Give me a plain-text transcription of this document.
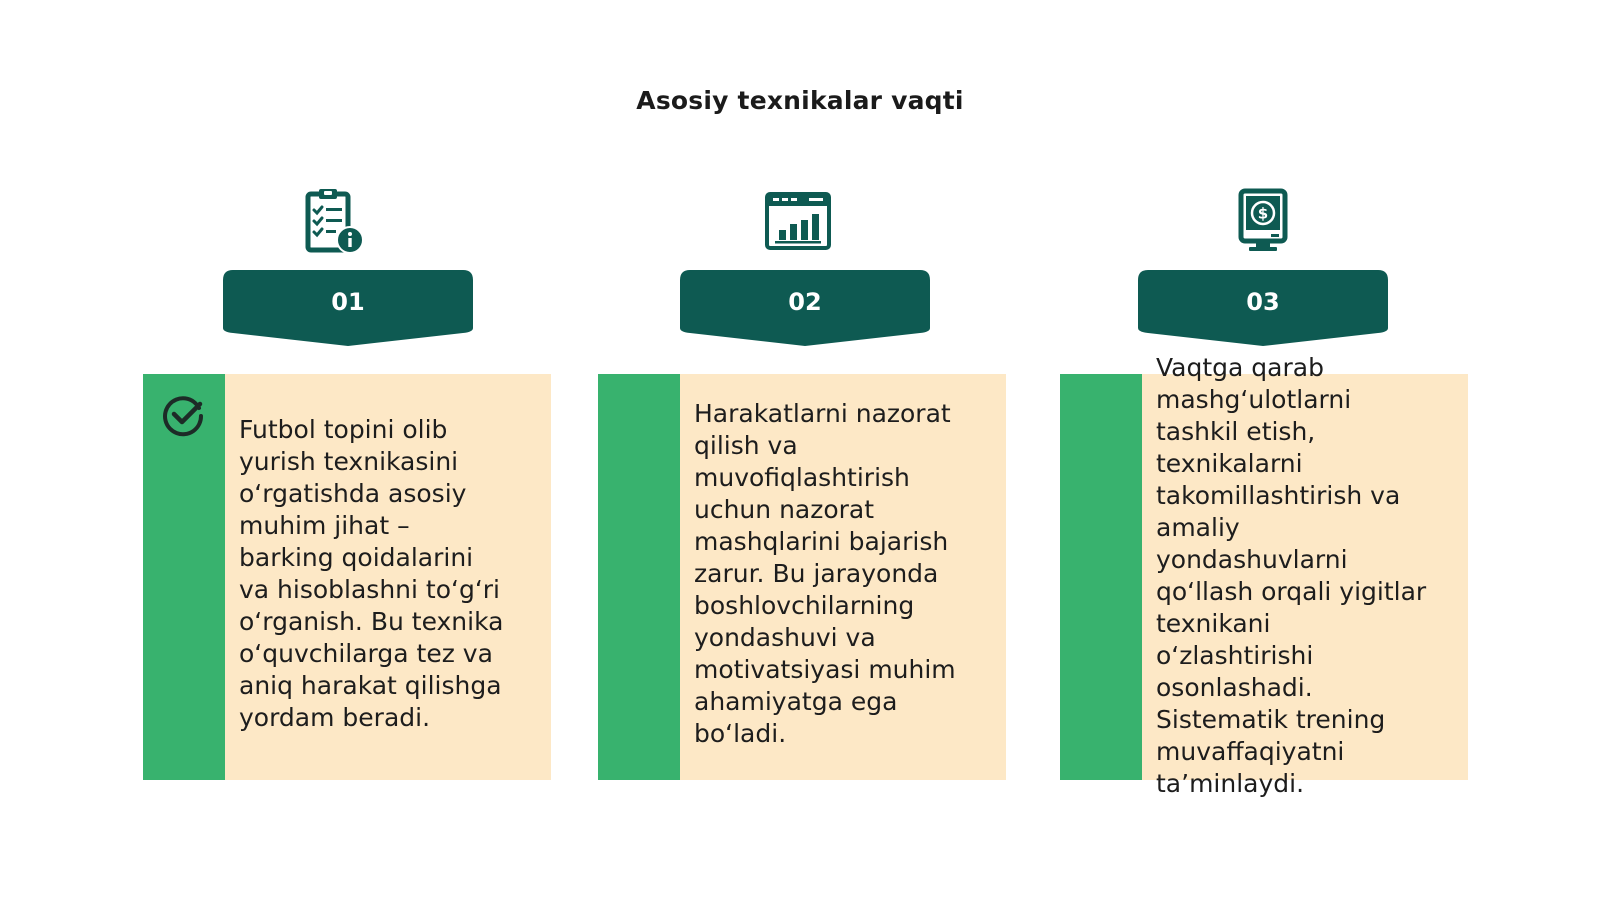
Asosiy texnikalar vaqti
01
Futbol topini olib
yurish texnikasini
o‘rgatishda asosiy
muhim jihat –
barking qoidalarini
va hisoblashni to‘g‘ri
o‘rganish. Bu texnika
o‘quvchilarga tez va
aniq harakat qilishga
yordam beradi.
02
Harakatlarni nazorat
qilish va
muvofiqlashtirish
uchun nazorat
mashqlarini bajarish
zarur. Bu jarayonda
boshlovchilarning
yondashuvi va
motivatsiyasi muhim
ahamiyatga ega
bo‘ladi.
$
03
Vaqtga qarab
mashg‘ulotlarni
tashkil etish,
texnikalarni
takomillashtirish va
amaliy
yondashuvlarni
qo‘llash orqali yigitlar
texnikani
o‘zlashtirishi
osonlashadi.
Sistematik trening
muvaffaqiyatni
ta’minlaydi.
